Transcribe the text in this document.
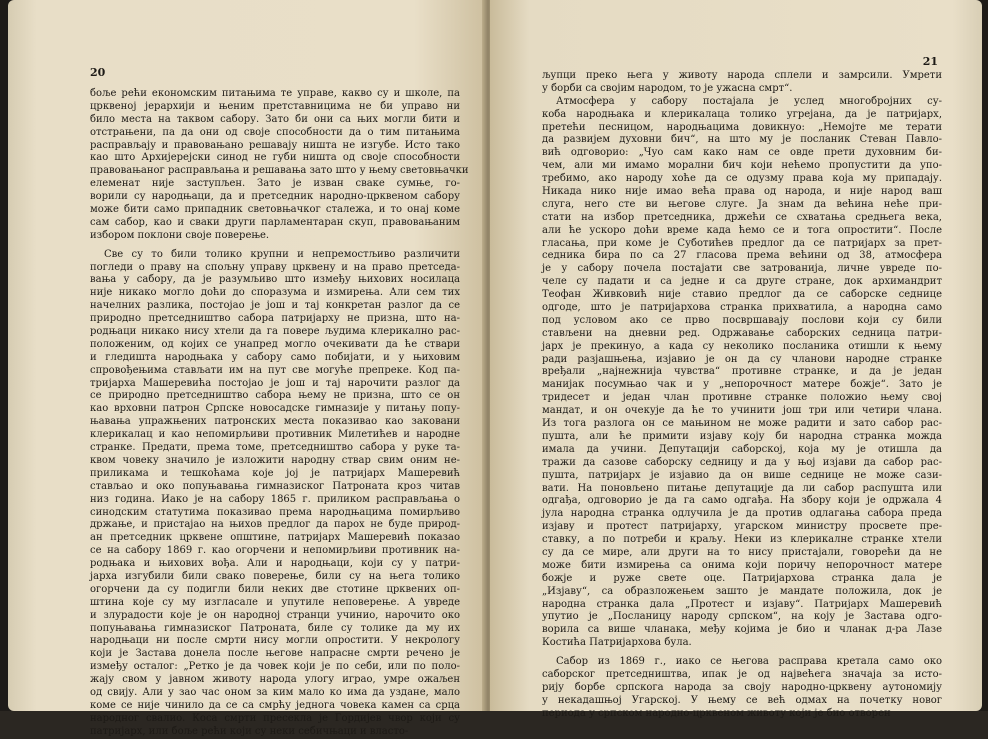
20
боље рећи економским питањима те управе, какво су и школе, па
црквеној јерархији и њеним претставницима не би управо ни
било места на таквом сабору. Зато би они са њих могли бити и
отстрањени, па да они од своје способности да о тим питањима
расправљају и правовањано решавају ништа не изгубе. Исто тако
као што Архијерејски синод не губи ништа од своје способности
правовањаног расправљања и решавања зато што у њему световњачки
елеменат није заступљен. Зато је изван сваке сумње, го-
ворили су народњаци, да и претседник народно-црквеном сабору
може бити само припадник световњачког сталежа, и то онај коме
сам сабор, као и сваки други парламентаран скуп, правовањаним
избором поклони своје поверење.
Све су то били толико крупни и непремостљиво различити
погледи о праву на спољну управу црквену и на право претседа-
вања у сабору, да је разумљиво што између њихових носилаца
није никако могло доћи до споразума и измирења. Али сем тих
начелних разлика, постојао је још и тај конкретан разлог да се
природно претседништво сабора патријарху не призна, што на-
родњаци никако нису хтели да га повере људима клерикално рас-
положеним, од којих се унапред могло очекивати да ће ствари
и гледишта народњака у сабору само побијати, и у њиховим
спровођењима стављати им на пут све могуће препреке. Код па-
тријарха Машеревића постојао је још и тај нарочити разлог да
се природно претседништво сабора њему не призна, што се он
као врховни патрон Српске новосадске гимназије у питању попу-
њавања упражњених патронских места показивао као заковани
клерикалац и као непомирљиви противник Милетићев и народне
странке. Предати, према томе, претседништво сабора у руке та-
квом човеку значило је изложити народну ствар свим оним не-
приликама и тешкоћама које јој је патријарх Машеревић
стављао и око попуњавања гимназиског Патроната кроз читав
низ година. Иако је на сабору 1865 г. приликом расправљања о
синодским статутима показивао према народњацима помирљиво
држање, и пристајао на њихов предлог да парох не буде природ-
ан претседник црквене општине, патријарх Машеревић показао
се на сабору 1869 г. као огорчени и непомирљиви противник на-
родњака и њихових вођа. Али и народњаци, који су у патри-
јарха изгубили били свако поверење, били су на њега толико
огорчени да су подигли били неких две стотине црквених оп-
штина које су му изгласале и упутиле неповерење. А увреде
и злурадости које је он народној странци учинио, нарочито око
попуњавања гимназиског Патроната, биле су толике да му их
народњаци ни после смрти нису могли опростити. У некрологу
који је Застава донела после његове напрасне смрти речено је
између осталог: „Ретко је да човек који је по себи, или по поло-
жају свом у јавном животу народа улогу играо, умре ожаљен
од свију. Али у зао час оном за ким мало ко има да уздане, мало
коме се није чинило да се са смрћу једнога човека камен са срца
народног свалио. Коса смрти пресекла је Гордијев чвор који су
патријарх, или боље рећи који су неки себичњаци и власто-
21
љупци преко њега у животу народа сплели и замрсили. Умрети
у борби са својим народом, то је ужасна смрт“.
Атмосфера у сабору постајала је услед многобројних су-
коба народњака и клерикалаца толико угрејана, да је патријарх,
претећи песницом, народњацима довикнуо: „Немојте ме терати
да развијем духовни бич“, на што му је посланик Стеван Павло-
вић одговорио: „Чуо сам како нам се овде прети духовним би-
чем, али ми имамо морални бич који нећемо пропустити да упо-
требимо, ако народу хоће да се одузму права која му припадају.
Никада нико није имао већа права од народа, и није народ ваш
слуга, него сте ви његове слуге. Ја знам да већина неће при-
стати на избор претседника, држећи се схватања средњега века,
али ће ускоро доћи време када ћемо се и тога опростити“. После
гласања, при коме је Суботићев предлог да се патријарх за прет-
седника бира по са 27 гласова према већини од 38, атмосфера
је у сабору почела постајати све затрованија, личне увреде по-
челе су падати и са једне и са друге стране, док архимандрит
Теофан Живковић није ставио предлог да се саборске седнице
одгоде, што је патријархова странка прихватила, а народна само
под условом ако се прво посвршавају послови који су били
стављени на дневни ред. Одржавање саборских седница патри-
јарх је прекинуо, а када су неколико посланика отишли к њему
ради разјашњења, изјавио је он да су чланови народне странке
вређали „најнежнија чувства“ противне странке, и да је један
манијак посумњао чак и у „непорочност матере божје“. Зато је
тридесет и један члан противне странке положио њему свој
мандат, и он очекује да ће то учинити још три или четири члана.
Из тога разлога он се мањином не може радити и зато сабор рас-
пушта, али ће примити изјаву коју би народна странка можда
имала да учини. Депутацији саборској, која му је отишла да
тражи да сазове саборску седницу и да у њој изјави да сабор рас-
пушта, патријарх је изјавио да он више седнице не може сази-
вати. На поновљено питање депутације да ли сабор распушта или
одгађа, одговорио је да га само одгађа. На зборy који је одржала 4
јула народна странка одлучила је да против одлагања сабора преда
изјаву и протест патријарху, угарском министру просвете пре-
ставку, а по потреби и краљу. Неки из клерикалне странке хтели
су да се мире, али други на то нису пристајали, говорећи да не
може бити измирења са онима који поричу непорочност матере
божје и руже свете оце. Патријархова странка дала је
„Изјаву“, са образложењем зашто је мандате положила, док је
народна странка дала „Протест и изјаву“. Патријарх Машеревић
упутио је „Посланицу народу српском“, на коју је Застава одго-
ворила са више чланака, међу којима је био и чланак д-ра Лазе
Костића Патријархова була.
Сабор из 1869 г., иако се његова расправа кретала само око
саборског претседништва, ипак је од највећега значаја за исто-
рију борбе српскога народа за своју народно-црквену аутономију
у некадашњој Угарској. У њему се већ одмах на почетку новог
периода у српском народно-црквеном животу који је био отворен
